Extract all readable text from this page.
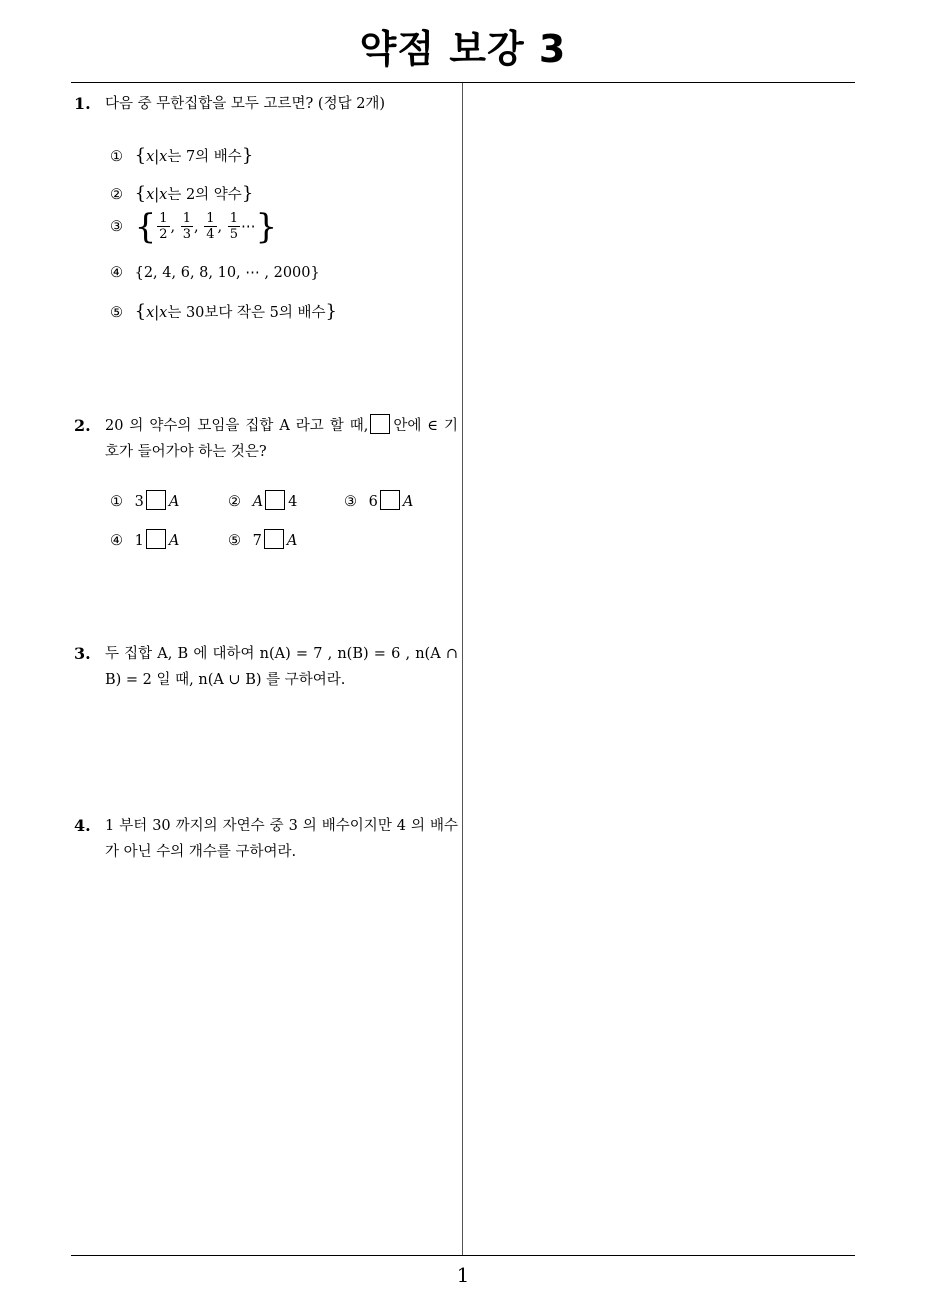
약점 보강 3
1
1. 다음 중 무한집합을 모두 고르면? (정답 2개)
① {x|x는 7의 배수}
② {x|x는 2의 약수}
③ { $\frac{1}{2}$ , $\frac{1}{3}$ , $\frac{1}{4}$ , $\frac{1}{5}$ ⋯}
④ {2, 4, 6, 8, 10, ⋯ , 2000}
⑤ {x|x는 30보다 작은 5의 배수}
2. 20 의 약수의 모임을 집합 A 라고 할 때, 안에 ∈ 기호가 들어가야 하는 것은?
① 3 A	② A 4	③ 6 A
④ 1 A	⑤ 7 A
3. 두 집합 A, B 에 대하여 n(A) = 7 , n(B) = 6 , n(A ∩ B) = 2 일 때, n(A ∪ B) 를 구하여라.
4. 1 부터 30 까지의 자연수 중 3 의 배수이지만 4 의 배수가 아닌 수의 개수를 구하여라.
